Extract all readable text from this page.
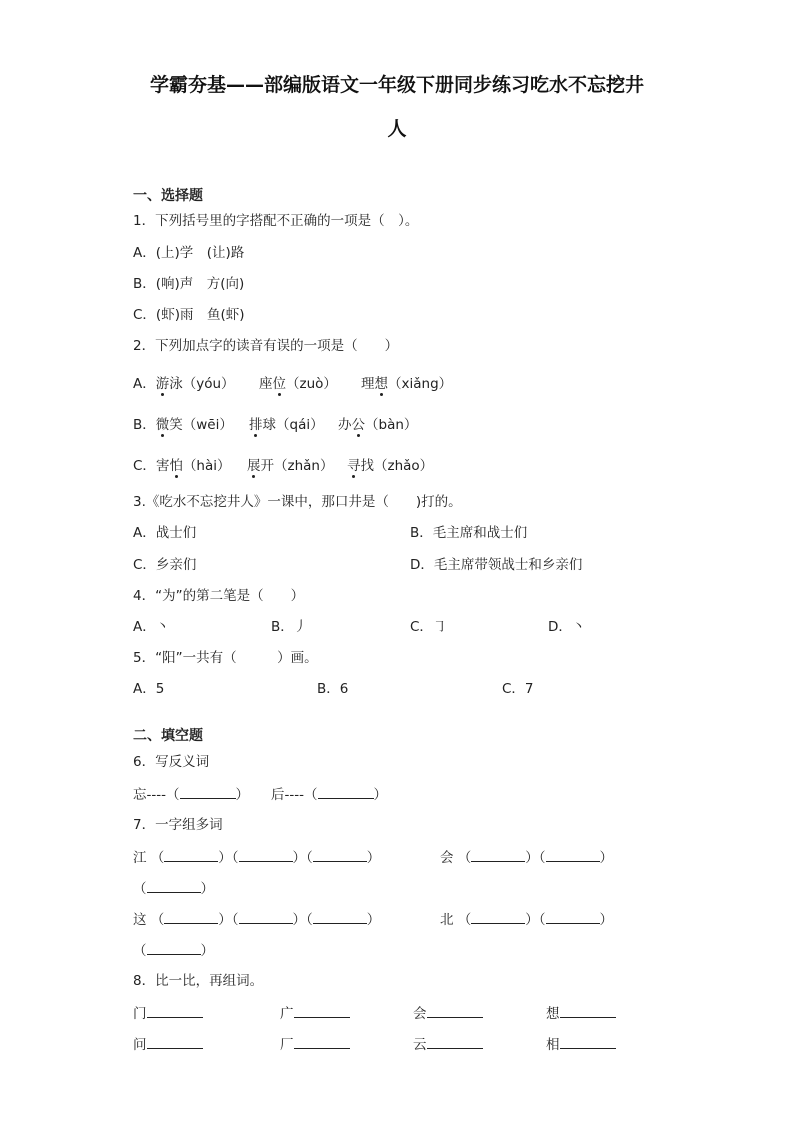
学霸夯基——部编版语文一年级下册同步练习吃水不忘挖井
人
一、选择题
1．下列括号里的字搭配不正确的一项是（　）。
A．(上)学　(让)路
B．(响)声　方(向)
C．(虾)雨　鱼(虾)
2．下列加点字的读音有误的一项是（　　）
A．游泳（yóu） 座位（zuò） 理想（xiǎng）
B．微笑（wēi） 排球（qái） 办公（bàn）
C．害怕（hài） 展开（zhǎn） 寻找（zhǎo）
3.《吃水不忘挖井人》一课中，那口井是（　　)打的。
A．战士们	B．毛主席和战士们
C．乡亲们	D．毛主席带领战士和乡亲们
4．“为”的第二笔是（　　）
A．丶	B．丿	C．㇆	D．丶
5．“阳”一共有（　　　）画。
A．5	B．6	C．7
二、填空题
6．写反义词
忘----（	） 后----（	）
7．一字组多词
江 （	）（	）（	）	会 （	）（	）
（	）
这 （	）（	）（	）	北 （	）（	）
（	）
8．比一比，再组词。
门	广	会	想
问	厂	云	相
